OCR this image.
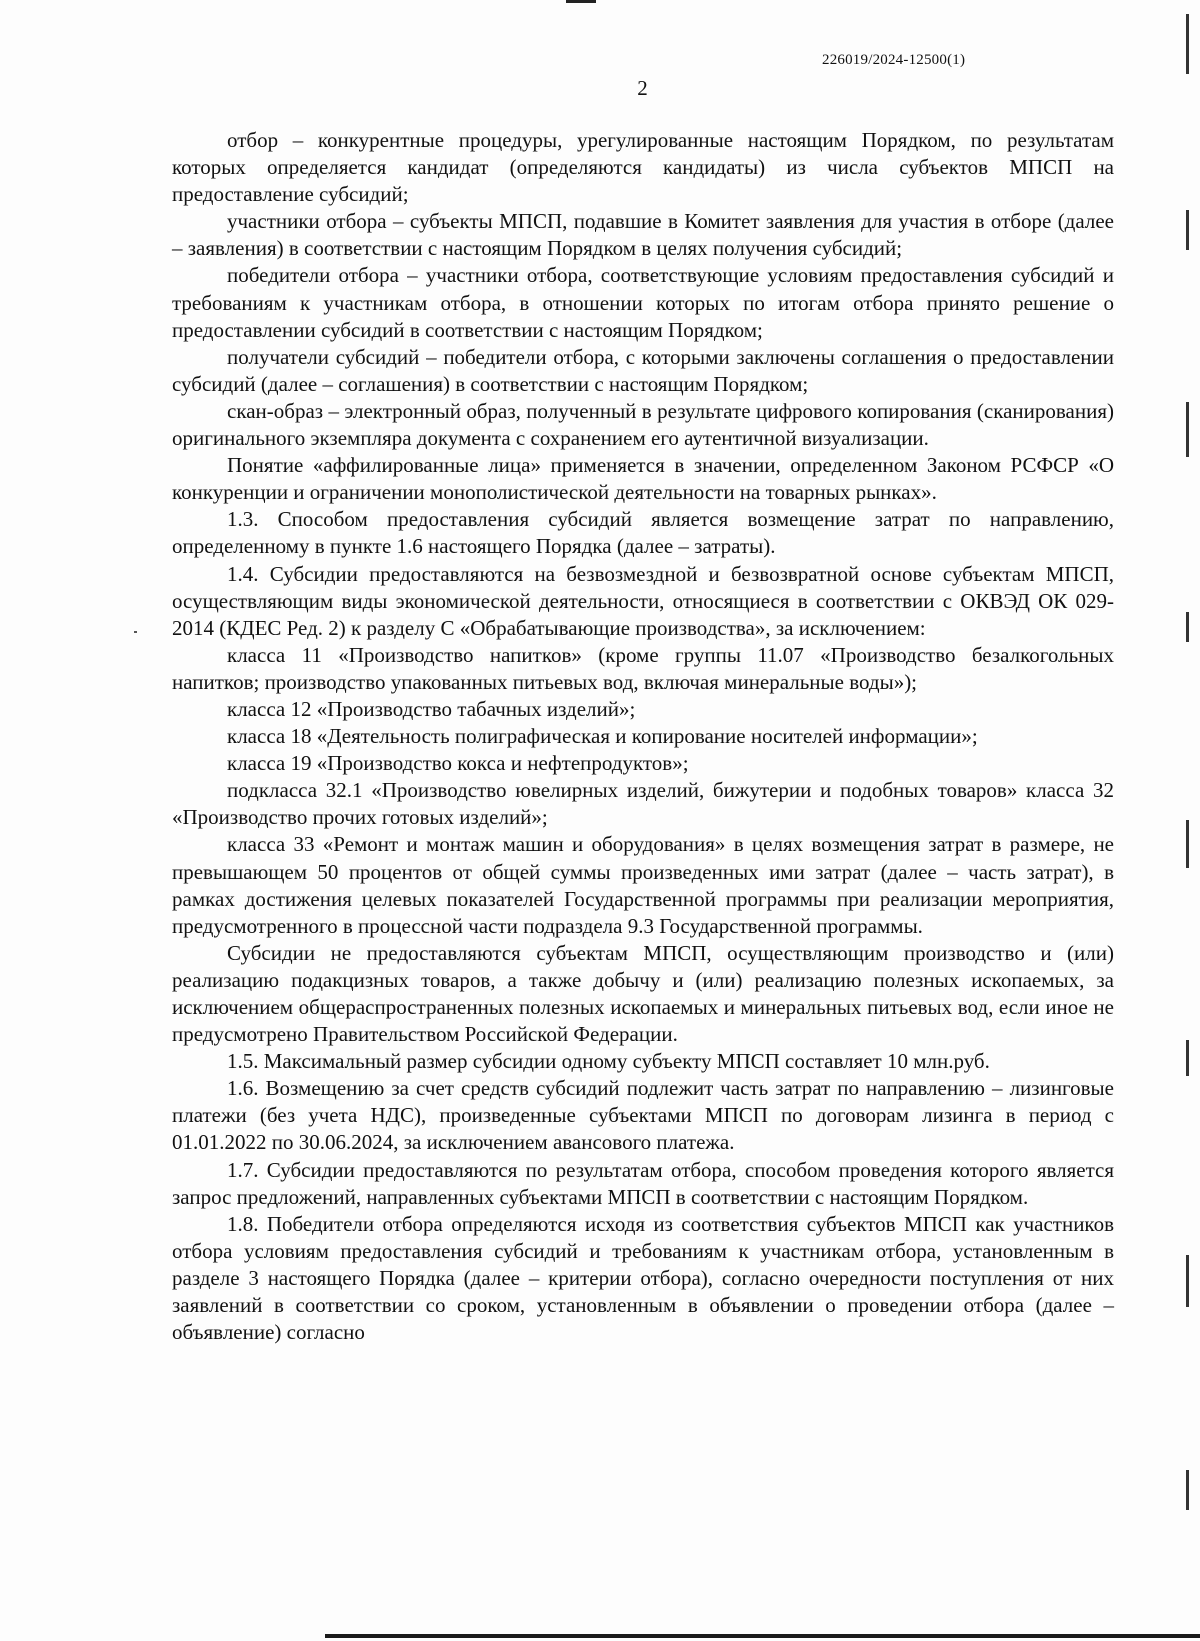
226019/2024-12500(1)
2

отбор – конкурентные процедуры, урегулированные настоящим Порядком, по результатам которых определяется кандидат (определяются кандидаты) из числа субъектов МПСП на предоставление субсидий;

участники отбора – субъекты МПСП, подавшие в Комитет заявления для участия в отборе (далее – заявления) в соответствии с настоящим Порядком в целях получения субсидий;

победители отбора – участники отбора, соответствующие условиям предоставления субсидий и требованиям к участникам отбора, в отношении которых по итогам отбора принято решение о предоставлении субсидий в соответствии с настоящим Порядком;

получатели субсидий – победители отбора, с которыми заключены соглашения о предоставлении субсидий (далее – соглашения) в соответствии с настоящим Порядком;

скан-образ – электронный образ, полученный в результате цифрового копирования (сканирования) оригинального экземпляра документа с сохранением его аутентичной визуализации.

Понятие «аффилированные лица» применяется в значении, определенном Законом РСФСР «О конкуренции и ограничении монополистической деятельности на товарных рынках».

1.3. Способом предоставления субсидий является возмещение затрат по направлению, определенному в пункте 1.6 настоящего Порядка (далее – затраты).

1.4. Субсидии предоставляются на безвозмездной и безвозвратной основе субъектам МПСП, осуществляющим виды экономической деятельности, относящиеся в соответствии с ОКВЭД ОК 029-2014 (КДЕС Ред. 2) к разделу С «Обрабатывающие производства», за исключением:

класса 11 «Производство напитков» (кроме группы 11.07 «Производство безалкогольных напитков; производство упакованных питьевых вод, включая минеральные воды»);

класса 12 «Производство табачных изделий»;

класса 18 «Деятельность полиграфическая и копирование носителей информации»;

класса 19 «Производство кокса и нефтепродуктов»;

подкласса 32.1 «Производство ювелирных изделий, бижутерии и подобных товаров» класса 32 «Производство прочих готовых изделий»;

класса 33 «Ремонт и монтаж машин и оборудования» в целях возмещения затрат в размере, не превышающем 50 процентов от общей суммы произведенных ими затрат (далее – часть затрат), в рамках достижения целевых показателей Государственной программы при реализации мероприятия, предусмотренного в процессной части подраздела 9.3 Государственной программы.

Субсидии не предоставляются субъектам МПСП, осуществляющим производство и (или) реализацию подакцизных товаров, а также добычу и (или) реализацию полезных ископаемых, за исключением общераспространенных полезных ископаемых и минеральных питьевых вод, если иное не предусмотрено Правительством Российской Федерации.

1.5. Максимальный размер субсидии одному субъекту МПСП составляет 10 млн.руб.

1.6. Возмещению за счет средств субсидий подлежит часть затрат по направлению – лизинговые платежи (без учета НДС), произведенные субъектами МПСП по договорам лизинга в период с 01.01.2022 по 30.06.2024, за исключением авансового платежа.

1.7. Субсидии предоставляются по результатам отбора, способом проведения которого является запрос предложений, направленных субъектами МПСП в соответствии с настоящим Порядком.

1.8. Победители отбора определяются исходя из соответствия субъектов МПСП как участников отбора условиям предоставления субсидий и требованиям к участникам отбора, установленным в разделе 3 настоящего Порядка (далее – критерии отбора), согласно очередности поступления от них заявлений в соответствии со сроком, установленным в объявлении о проведении отбора (далее – объявление) согласно
